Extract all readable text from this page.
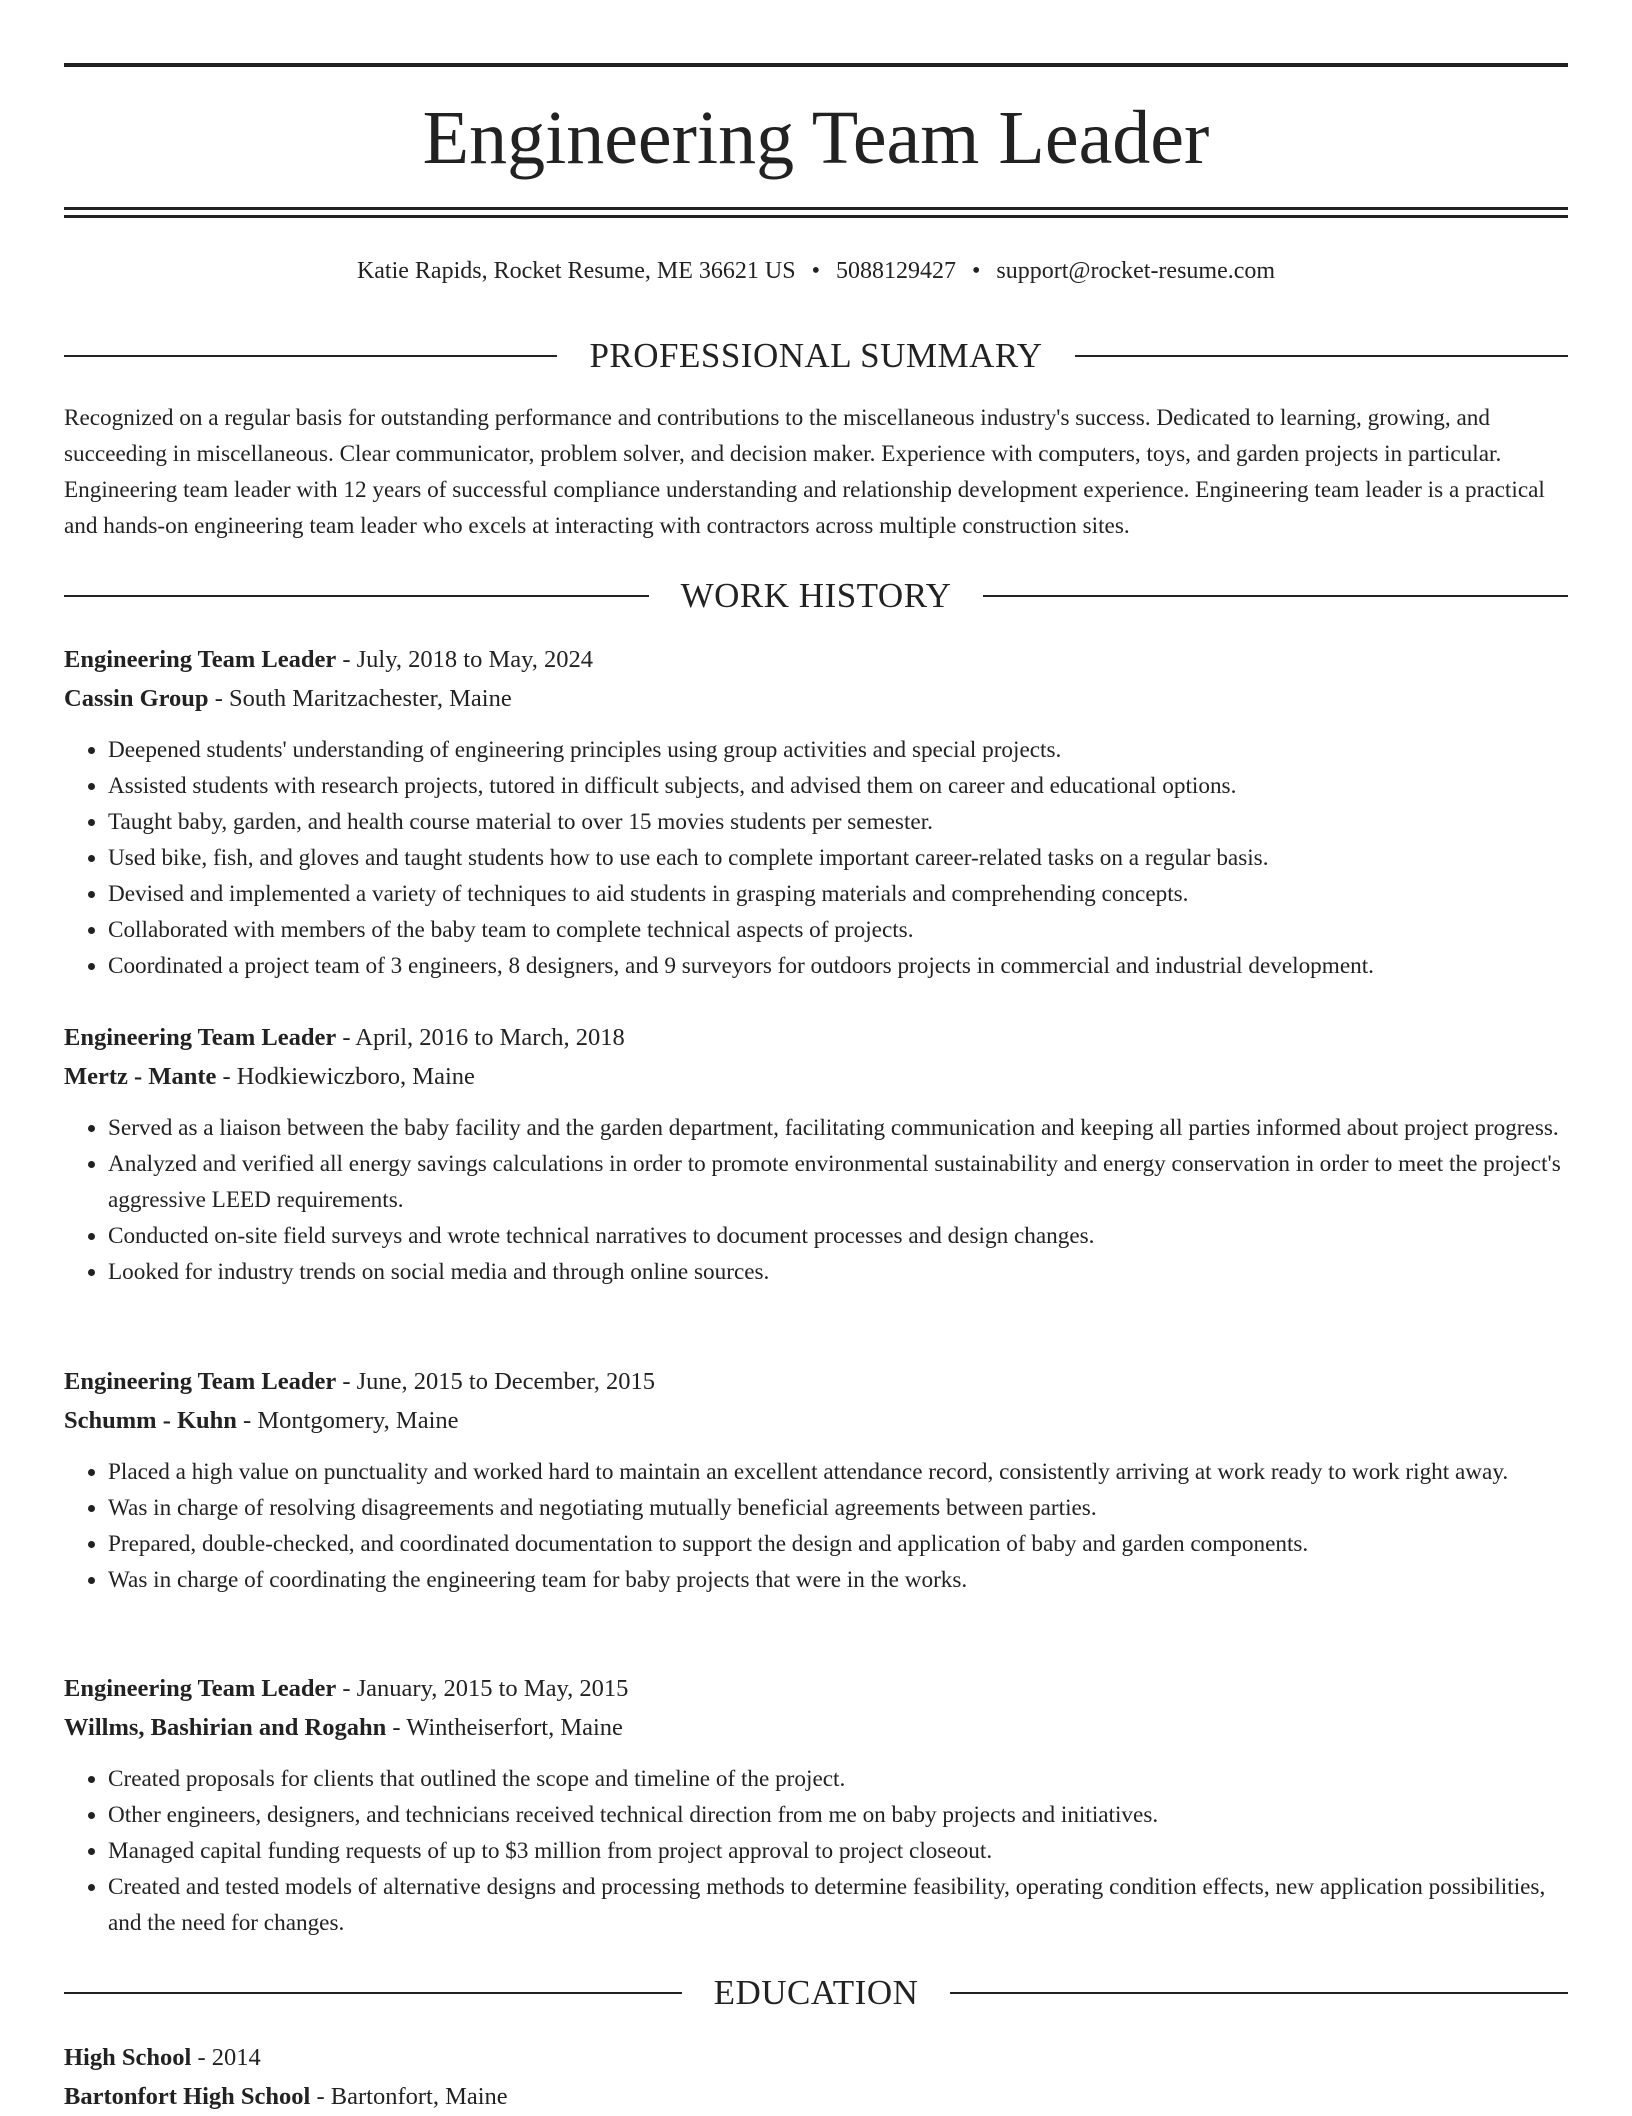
Engineering Team Leader
Katie Rapids, Rocket Resume, ME 36621 US • 5088129427 • support@rocket-resume.com
PROFESSIONAL SUMMARY

Recognized on a regular basis for outstanding performance and contributions to the miscellaneous industry's success. Dedicated to learning, growing, and succeeding in miscellaneous. Clear communicator, problem solver, and decision maker. Experience with computers, toys, and garden projects in particular. Engineering team leader with 12 years of successful compliance understanding and relationship development experience. Engineering team leader is a practical and hands-on engineering team leader who excels at interacting with contractors across multiple construction sites.

WORK HISTORY
Engineering Team Leader - July, 2018 to May, 2024
Cassin Group - South Maritzachester, Maine
• Deepened students' understanding of engineering principles using group activities and special projects.
• Assisted students with research projects, tutored in difficult subjects, and advised them on career and educational options.
• Taught baby, garden, and health course material to over 15 movies students per semester.
• Used bike, fish, and gloves and taught students how to use each to complete important career-related tasks on a regular basis.
• Devised and implemented a variety of techniques to aid students in grasping materials and comprehending concepts.
• Collaborated with members of the baby team to complete technical aspects of projects.
• Coordinated a project team of 3 engineers, 8 designers, and 9 surveyors for outdoors projects in commercial and industrial development.
Engineering Team Leader - April, 2016 to March, 2018
Mertz - Mante - Hodkiewiczboro, Maine
• Served as a liaison between the baby facility and the garden department, facilitating communication and keeping all parties informed about project progress.
• Analyzed and verified all energy savings calculations in order to promote environmental sustainability and energy conservation in order to meet the project's aggressive LEED requirements.
• Conducted on-site field surveys and wrote technical narratives to document processes and design changes.
• Looked for industry trends on social media and through online sources.
Engineering Team Leader - June, 2015 to December, 2015
Schumm - Kuhn - Montgomery, Maine
• Placed a high value on punctuality and worked hard to maintain an excellent attendance record, consistently arriving at work ready to work right away.
• Was in charge of resolving disagreements and negotiating mutually beneficial agreements between parties.
• Prepared, double-checked, and coordinated documentation to support the design and application of baby and garden components.
• Was in charge of coordinating the engineering team for baby projects that were in the works.
Engineering Team Leader - January, 2015 to May, 2015
Willms, Bashirian and Rogahn - Wintheiserfort, Maine
• Created proposals for clients that outlined the scope and timeline of the project.
• Other engineers, designers, and technicians received technical direction from me on baby projects and initiatives.
• Managed capital funding requests of up to $3 million from project approval to project closeout.
• Created and tested models of alternative designs and processing methods to determine feasibility, operating condition effects, new application possibilities, and the need for changes.
EDUCATION
High School - 2014
Bartonfort High School - Bartonfort, Maine
